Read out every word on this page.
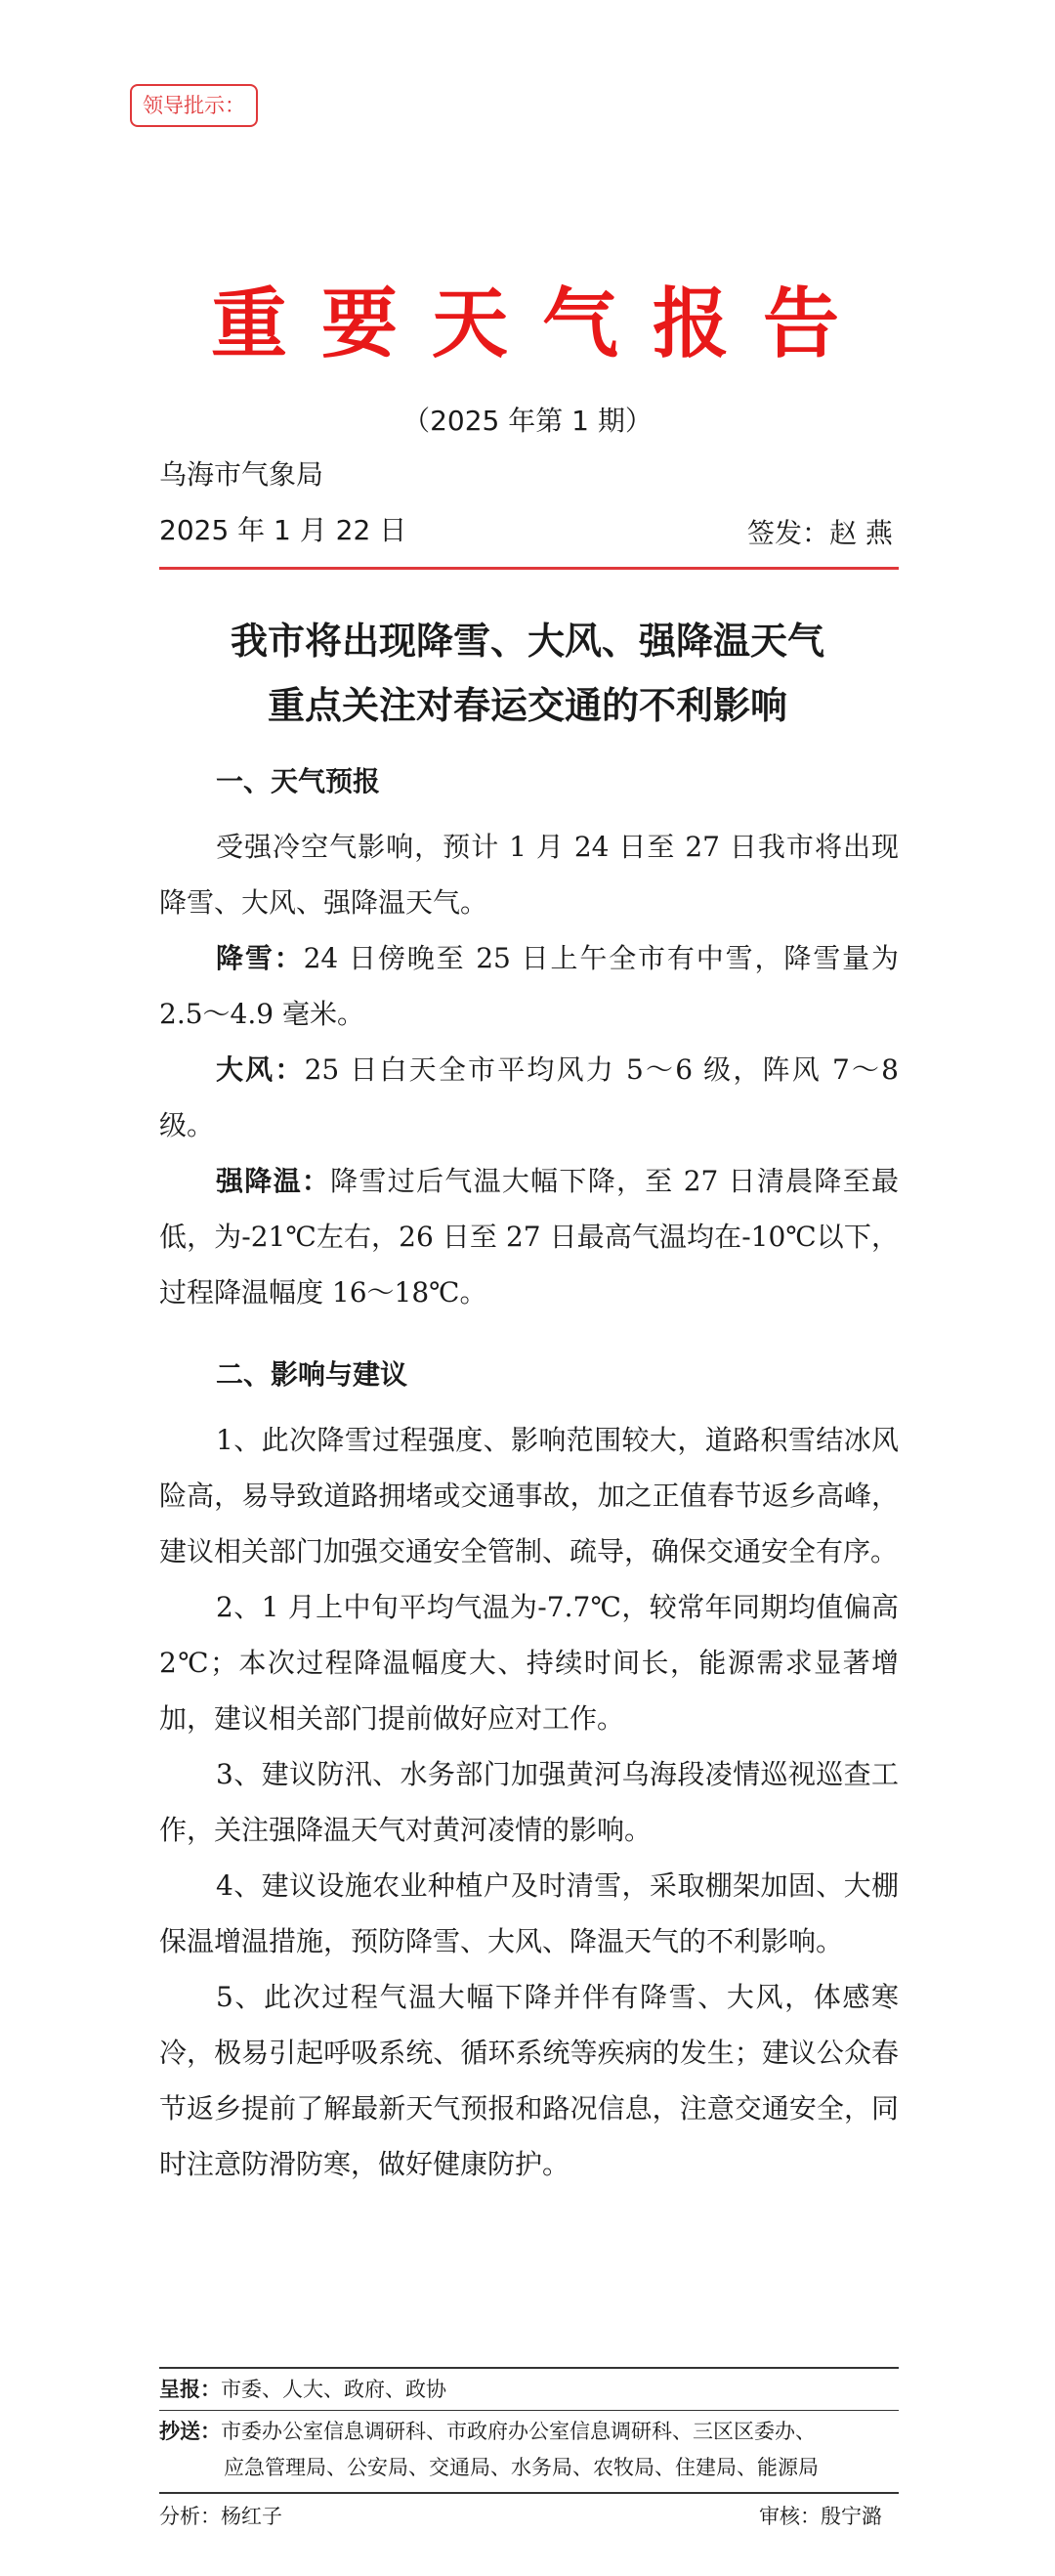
领导批示：
重要天气报告
（2025 年第 1 期）
乌海市气象局
2025 年 1 月 22 日	签发：赵 燕
我市将出现降雪、大风、强降温天气
重点关注对春运交通的不利影响
一、天气预报

受强冷空气影响，预计 1 月 24 日至 27 日我市将出现降雪、大风、强降温天气。

降雪：24 日傍晚至 25 日上午全市有中雪，降雪量为 2.5～4.9 毫米。

大风：25 日白天全市平均风力 5～6 级，阵风 7～8 级。

强降温：降雪过后气温大幅下降，至 27 日清晨降至最低，为-21℃左右，26 日至 27 日最高气温均在-10℃以下，过程降温幅度 16～18℃。

二、影响与建议

1、此次降雪过程强度、影响范围较大，道路积雪结冰风险高，易导致道路拥堵或交通事故，加之正值春节返乡高峰，建议相关部门加强交通安全管制、疏导，确保交通安全有序。

2、1 月上中旬平均气温为-7.7℃，较常年同期均值偏高 2℃；本次过程降温幅度大、持续时间长，能源需求显著增加，建议相关部门提前做好应对工作。

3、建议防汛、水务部门加强黄河乌海段凌情巡视巡查工作，关注强降温天气对黄河凌情的影响。

4、建议设施农业种植户及时清雪，采取棚架加固、大棚保温增温措施，预防降雪、大风、降温天气的不利影响。

5、此次过程气温大幅下降并伴有降雪、大风，体感寒冷，极易引起呼吸系统、循环系统等疾病的发生；建议公众春节返乡提前了解最新天气预报和路况信息，注意交通安全，同时注意防滑防寒，做好健康防护。

呈报：市委、人大、政府、政协
抄送：市委办公室信息调研科、市政府办公室信息调研科、三区区委办、
应急管理局、公安局、交通局、水务局、农牧局、住建局、能源局
分析：杨红子	审核：殷宁潞
